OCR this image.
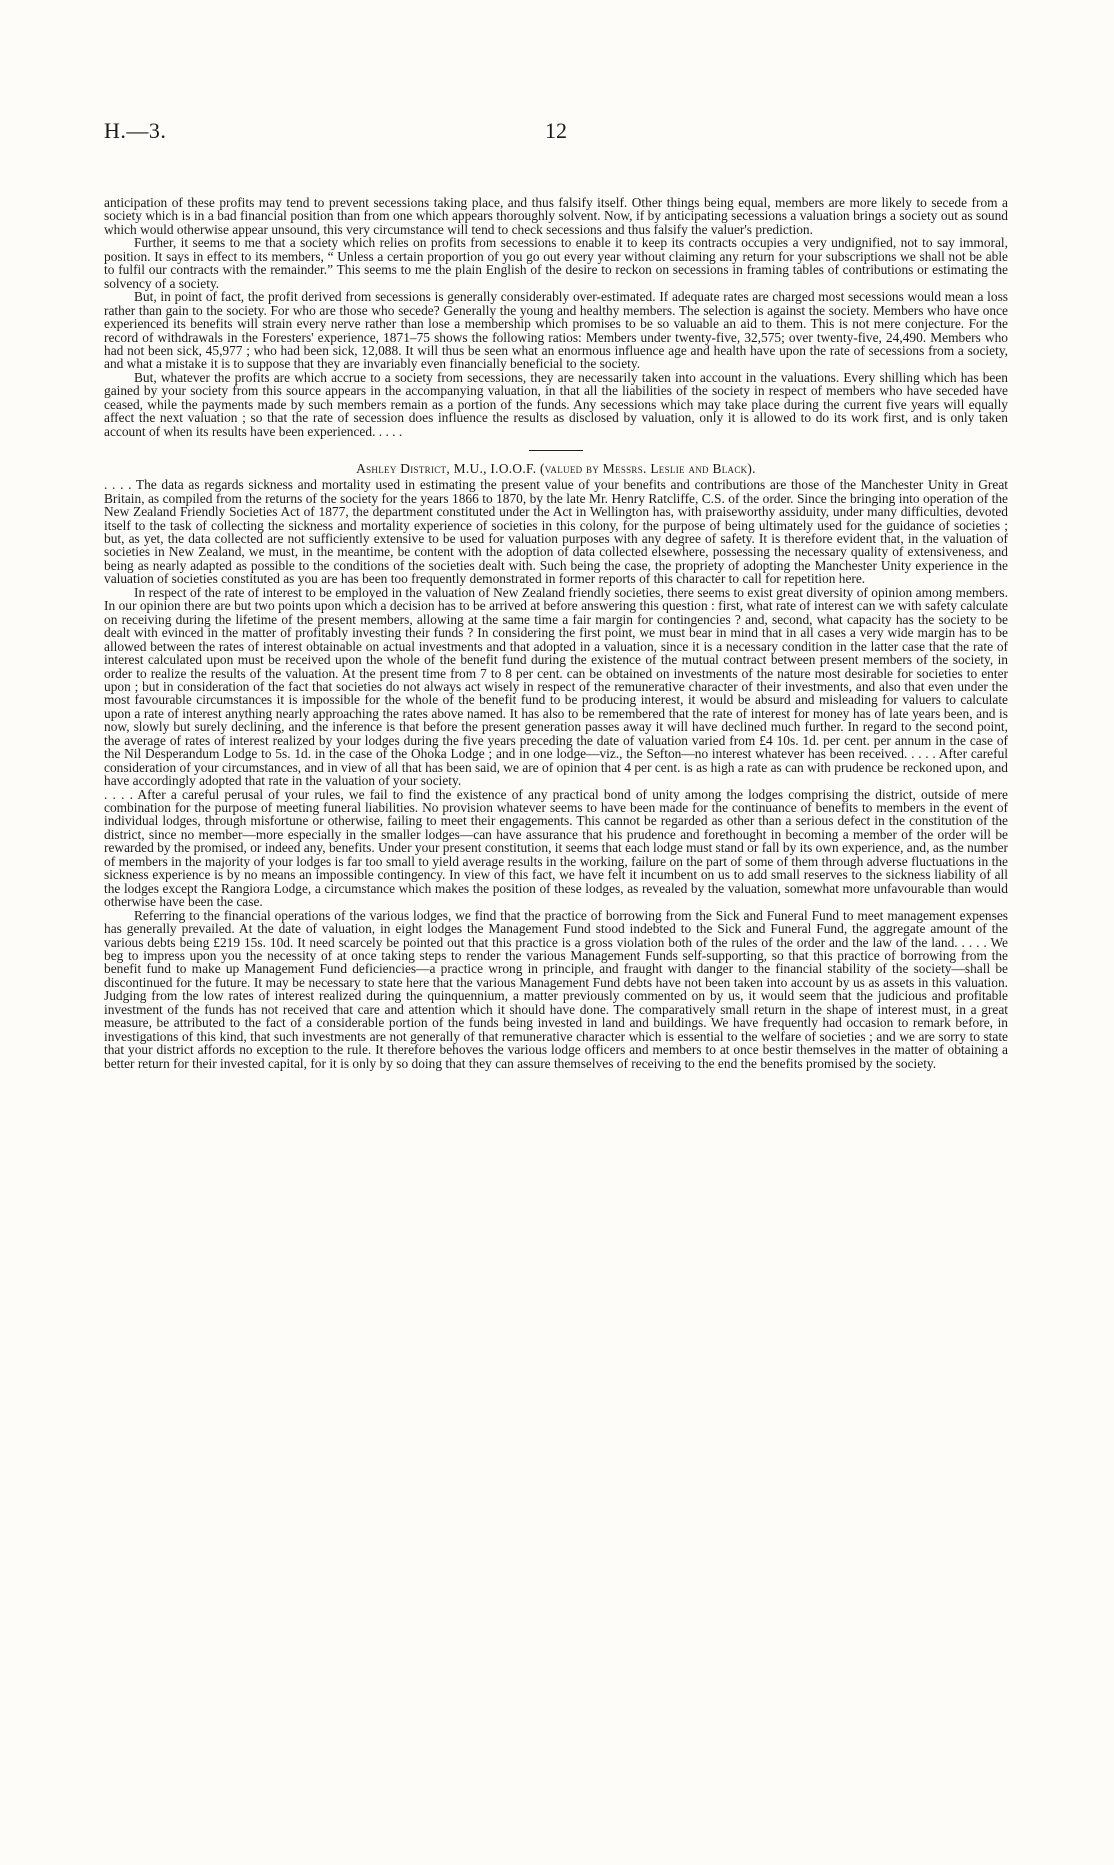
H.—3.	12

anticipation of these profits may tend to prevent secessions taking place, and thus falsify itself. Other things being equal, members are more likely to secede from a society which is in a bad financial position than from one which appears thoroughly solvent. Now, if by anticipating secessions a valuation brings a society out as sound which would otherwise appear unsound, this very circumstance will tend to check secessions and thus falsify the valuer's prediction.

Further, it seems to me that a society which relies on profits from secessions to enable it to keep its contracts occupies a very undignified, not to say immoral, position. It says in effect to its members, “ Unless a certain proportion of you go out every year without claiming any return for your subscriptions we shall not be able to fulfil our contracts with the remainder.” This seems to me the plain English of the desire to reckon on secessions in framing tables of contributions or estimating the solvency of a society.

But, in point of fact, the profit derived from secessions is generally considerably over-estimated. If adequate rates are charged most secessions would mean a loss rather than gain to the society. For who are those who secede? Generally the young and healthy members. The selection is against the society. Members who have once experienced its benefits will strain every nerve rather than lose a membership which promises to be so valuable an aid to them. This is not mere conjecture. For the record of withdrawals in the Foresters' experience, 1871–75 shows the following ratios: Members under twenty-five, 32,575; over twenty-five, 24,490. Members who had not been sick, 45,977 ; who had been sick, 12,088. It will thus be seen what an enormous influence age and health have upon the rate of secessions from a society, and what a mistake it is to suppose that they are invariably even financially beneficial to the society.

But, whatever the profits are which accrue to a society from secessions, they are necessarily taken into account in the valuations. Every shilling which has been gained by your society from this source appears in the accompanying valuation, in that all the liabilities of the society in respect of members who have seceded have ceased, while the payments made by such members remain as a portion of the funds. Any secessions which may take place during the current five years will equally affect the next valuation ; so that the rate of secession does influence the results as disclosed by valuation, only it is allowed to do its work first, and is only taken account of when its results have been experienced. . . . .

Ashley District, M.U., I.O.O.F. (valued by Messrs. Leslie and Black).

. . . . The data as regards sickness and mortality used in estimating the present value of your benefits and contributions are those of the Manchester Unity in Great Britain, as compiled from the returns of the society for the years 1866 to 1870, by the late Mr. Henry Ratcliffe, C.S. of the order. Since the bringing into operation of the New Zealand Friendly Societies Act of 1877, the department constituted under the Act in Wellington has, with praiseworthy assiduity, under many difficulties, devoted itself to the task of collecting the sickness and mortality experience of societies in this colony, for the purpose of being ultimately used for the guidance of societies ; but, as yet, the data collected are not sufficiently extensive to be used for valuation purposes with any degree of safety. It is therefore evident that, in the valuation of societies in New Zealand, we must, in the meantime, be content with the adoption of data collected elsewhere, possessing the necessary quality of extensiveness, and being as nearly adapted as possible to the conditions of the societies dealt with. Such being the case, the propriety of adopting the Manchester Unity experience in the valuation of societies constituted as you are has been too frequently demonstrated in former reports of this character to call for repetition here.

In respect of the rate of interest to be employed in the valuation of New Zealand friendly societies, there seems to exist great diversity of opinion among members. In our opinion there are but two points upon which a decision has to be arrived at before answering this question : first, what rate of interest can we with safety calculate on receiving during the lifetime of the present members, allowing at the same time a fair margin for contingencies ? and, second, what capacity has the society to be dealt with evinced in the matter of profitably investing their funds ? In considering the first point, we must bear in mind that in all cases a very wide margin has to be allowed between the rates of interest obtainable on actual investments and that adopted in a valuation, since it is a necessary condition in the latter case that the rate of interest calculated upon must be received upon the whole of the benefit fund during the existence of the mutual contract between present members of the society, in order to realize the results of the valuation. At the present time from 7 to 8 per cent. can be obtained on investments of the nature most desirable for societies to enter upon ; but in consideration of the fact that societies do not always act wisely in respect of the remunerative character of their investments, and also that even under the most favourable circumstances it is impossible for the whole of the benefit fund to be producing interest, it would be absurd and misleading for valuers to calculate upon a rate of interest anything nearly approaching the rates above named. It has also to be remembered that the rate of interest for money has of late years been, and is now, slowly but surely declining, and the inference is that before the present generation passes away it will have declined much further. In regard to the second point, the average of rates of interest realized by your lodges during the five years preceding the date of valuation varied from £4 10s. 1d. per cent. per annum in the case of the Nil Desperandum Lodge to 5s. 1d. in the case of the Ohoka Lodge ; and in one lodge—viz., the Sefton—no interest whatever has been received. . . . . After careful consideration of your circumstances, and in view of all that has been said, we are of opinion that 4 per cent. is as high a rate as can with prudence be reckoned upon, and have accordingly adopted that rate in the valuation of your society.

. . . . After a careful perusal of your rules, we fail to find the existence of any practical bond of unity among the lodges comprising the district, outside of mere combination for the purpose of meeting funeral liabilities. No provision whatever seems to have been made for the continuance of benefits to members in the event of individual lodges, through misfortune or otherwise, failing to meet their engagements. This cannot be regarded as other than a serious defect in the constitution of the district, since no member—more especially in the smaller lodges—can have assurance that his prudence and forethought in becoming a member of the order will be rewarded by the promised, or indeed any, benefits. Under your present constitution, it seems that each lodge must stand or fall by its own experience, and, as the number of members in the majority of your lodges is far too small to yield average results in the working, failure on the part of some of them through adverse fluctuations in the sickness experience is by no means an impossible contingency. In view of this fact, we have felt it incumbent on us to add small reserves to the sickness liability of all the lodges except the Rangiora Lodge, a circumstance which makes the position of these lodges, as revealed by the valuation, somewhat more unfavourable than would otherwise have been the case.

Referring to the financial operations of the various lodges, we find that the practice of borrowing from the Sick and Funeral Fund to meet management expenses has generally prevailed. At the date of valuation, in eight lodges the Management Fund stood indebted to the Sick and Funeral Fund, the aggregate amount of the various debts being £219 15s. 10d. It need scarcely be pointed out that this practice is a gross violation both of the rules of the order and the law of the land. . . . . We beg to impress upon you the necessity of at once taking steps to render the various Management Funds self-supporting, so that this practice of borrowing from the benefit fund to make up Management Fund deficiencies—a practice wrong in principle, and fraught with danger to the financial stability of the society—shall be discontinued for the future. It may be necessary to state here that the various Management Fund debts have not been taken into account by us as assets in this valuation. Judging from the low rates of interest realized during the quinquennium, a matter previously commented on by us, it would seem that the judicious and profitable investment of the funds has not received that care and attention which it should have done. The comparatively small return in the shape of interest must, in a great measure, be attributed to the fact of a considerable portion of the funds being invested in land and buildings. We have frequently had occasion to remark before, in investigations of this kind, that such investments are not generally of that remunerative character which is essential to the welfare of societies ; and we are sorry to state that your district affords no exception to the rule. It therefore behoves the various lodge officers and members to at once bestir themselves in the matter of obtaining a better return for their invested capital, for it is only by so doing that they can assure themselves of receiving to the end the benefits promised by the society.
